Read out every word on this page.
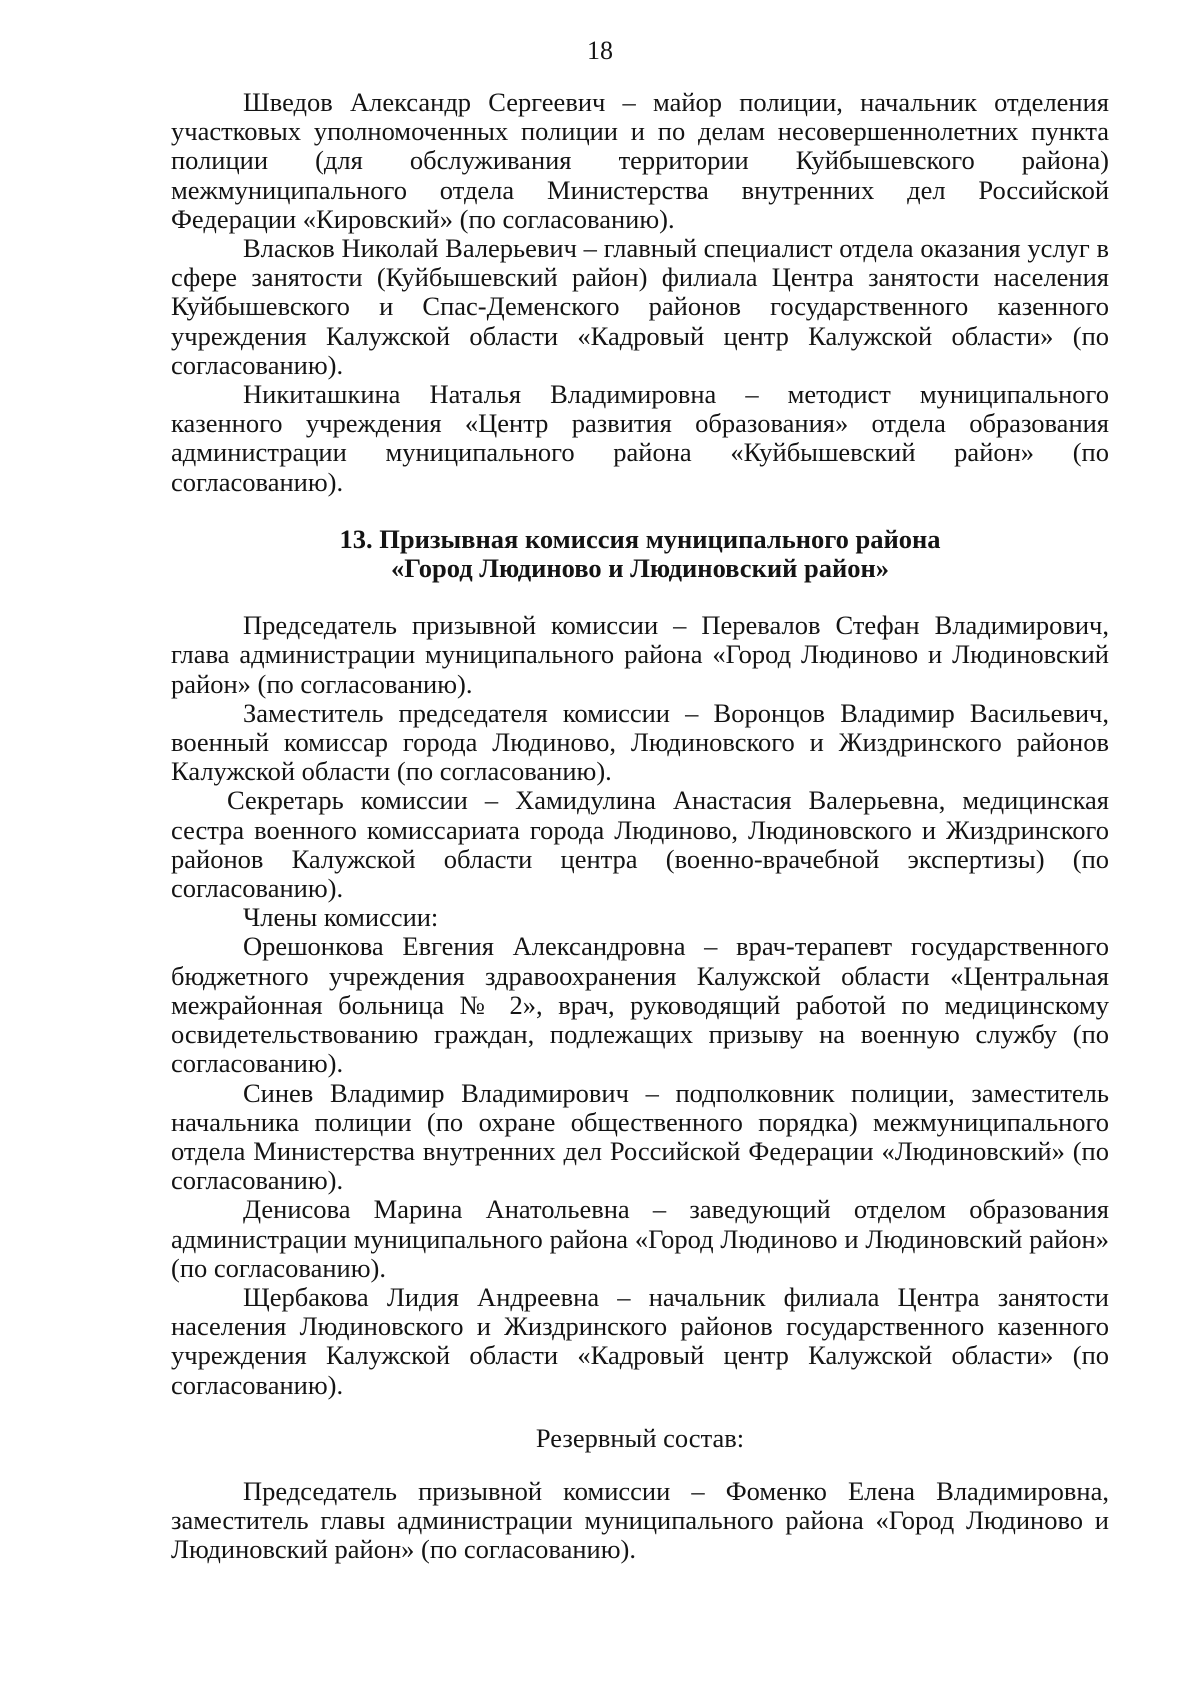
18

Шведов Александр Сергеевич – майор полиции, начальник отделения участковых уполномоченных полиции и по делам несовершеннолетних пункта полиции (для обслуживания территории Куйбышевского района) межмуниципального отдела Министерства внутренних дел Российской Федерации «Кировский» (по согласованию).

Власков Николай Валерьевич – главный специалист отдела оказания услуг в сфере занятости (Куйбышевский район) филиала Центра занятости населения Куйбышевского и Спас-Деменского районов государственного казенного учреждения Калужской области «Кадровый центр Калужской области» (по согласованию).

Никиташкина Наталья Владимировна – методист муниципального казенного учреждения «Центр развития образования» отдела образования администрации муниципального района «Куйбышевский район» (по согласованию).

13. Призывная комиссия муниципального района
«Город Людиново и Людиновский район»

Председатель призывной комиссии – Перевалов Стефан Владимирович, глава администрации муниципального района «Город Людиново и Людиновский район» (по согласованию).

Заместитель председателя комиссии – Воронцов Владимир Васильевич, военный комиссар города Людиново, Людиновского и Жиздринского районов Калужской области (по согласованию).

Секретарь комиссии – Хамидулина Анастасия Валерьевна, медицинская сестра военного комиссариата города Людиново, Людиновского и Жиздринского районов Калужской области центра (военно-врачебной экспертизы) (по согласованию).

Члены комиссии:

Орешонкова Евгения Александровна – врач-терапевт государственного бюджетного учреждения здравоохранения Калужской области «Центральная межрайонная больница № 2», врач, руководящий работой по медицинскому освидетельствованию граждан, подлежащих призыву на военную службу (по согласованию).

Синев Владимир Владимирович – подполковник полиции, заместитель начальника полиции (по охране общественного порядка) межмуниципального отдела Министерства внутренних дел Российской Федерации «Людиновский» (по согласованию).

Денисова Марина Анатольевна – заведующий отделом образования администрации муниципального района «Город Людиново и Людиновский район» (по согласованию).

Щербакова Лидия Андреевна – начальник филиала Центра занятости населения Людиновского и Жиздринского районов государственного казенного учреждения Калужской области «Кадровый центр Калужской области» (по согласованию).

Резервный состав:

Председатель призывной комиссии – Фоменко Елена Владимировна, заместитель главы администрации муниципального района «Город Людиново и Людиновский район» (по согласованию).
